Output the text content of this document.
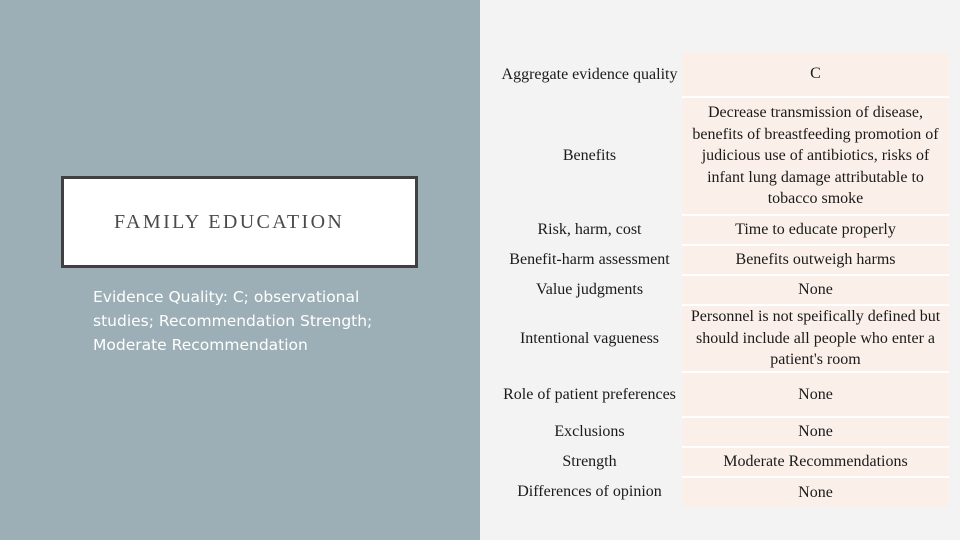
FAMILY EDUCATION
Evidence Quality: C; observational studies; Recommendation Strength; Moderate Recommendation
Aggregate evidence quality	C
Benefits	Decrease transmission of disease, benefits of breastfeeding promotion of judicious use of antibiotics, risks of infant lung damage attributable to tobacco smoke
Risk, harm, cost	Time to educate properly
Benefit-harm assessment	Benefits outweigh harms
Value judgments	None
Intentional vagueness	Personnel is not speifically defined but should include all people who enter a patient's room
Role of patient preferences	None
Exclusions	None
Strength	Moderate Recommendations
Differences of opinion	None
